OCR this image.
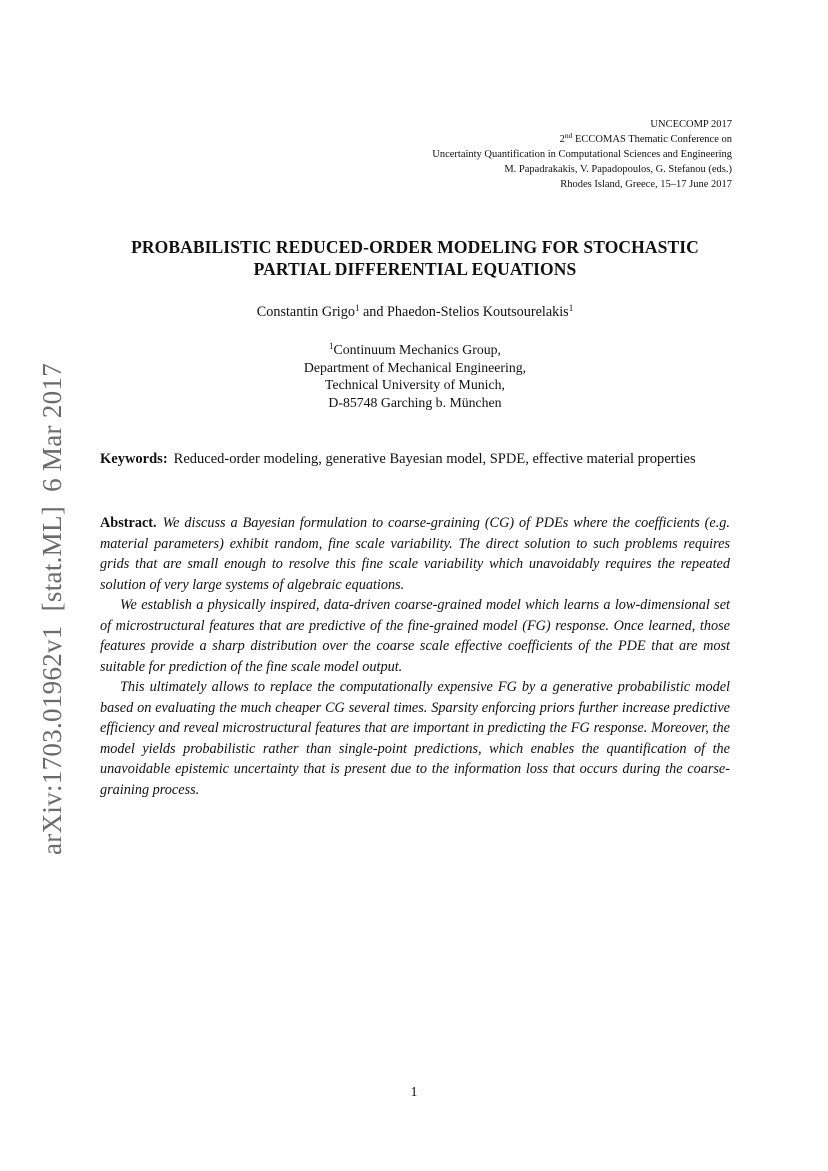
UNCECOMP 2017
2nd ECCOMAS Thematic Conference on
Uncertainty Quantification in Computational Sciences and Engineering
M. Papadrakakis, V. Papadopoulos, G. Stefanou (eds.)
Rhodes Island, Greece, 15–17 June 2017
arXiv:1703.01962v1[stat.ML]6 Mar 2017
PROBABILISTIC REDUCED-ORDER MODELING FOR STOCHASTIC
PARTIAL DIFFERENTIAL EQUATIONS
Constantin Grigo$^1$ and Phaedon-Stelios Koutsourelakis$^1$
$^1$Continuum Mechanics Group,
Department of Mechanical Engineering,
Technical University of Munich,
D-85748 Garching b. München
Keywords: Reduced-order modeling, generative Bayesian model, SPDE, effective material properties

Abstract. We discuss a Bayesian formulation to coarse-graining (CG) of PDEs where the coefficients (e.g. material parameters) exhibit random, fine scale variability. The direct solution to such problems requires grids that are small enough to resolve this fine scale variability which unavoidably requires the repeated solution of very large systems of algebraic equations.

We establish a physically inspired, data-driven coarse-grained model which learns a low-dimensional set of microstructural features that are predictive of the fine-grained model (FG) response. Once learned, those features provide a sharp distribution over the coarse scale effective coefficients of the PDE that are most suitable for prediction of the fine scale model output.

This ultimately allows to replace the computationally expensive FG by a generative probabilistic model based on evaluating the much cheaper CG several times. Sparsity enforcing priors further increase predictive efficiency and reveal microstructural features that are important in predicting the FG response. Moreover, the model yields probabilistic rather than single-point predictions, which enables the quantification of the unavoidable epistemic uncertainty that is present due to the information loss that occurs during the coarse-graining process.

1
